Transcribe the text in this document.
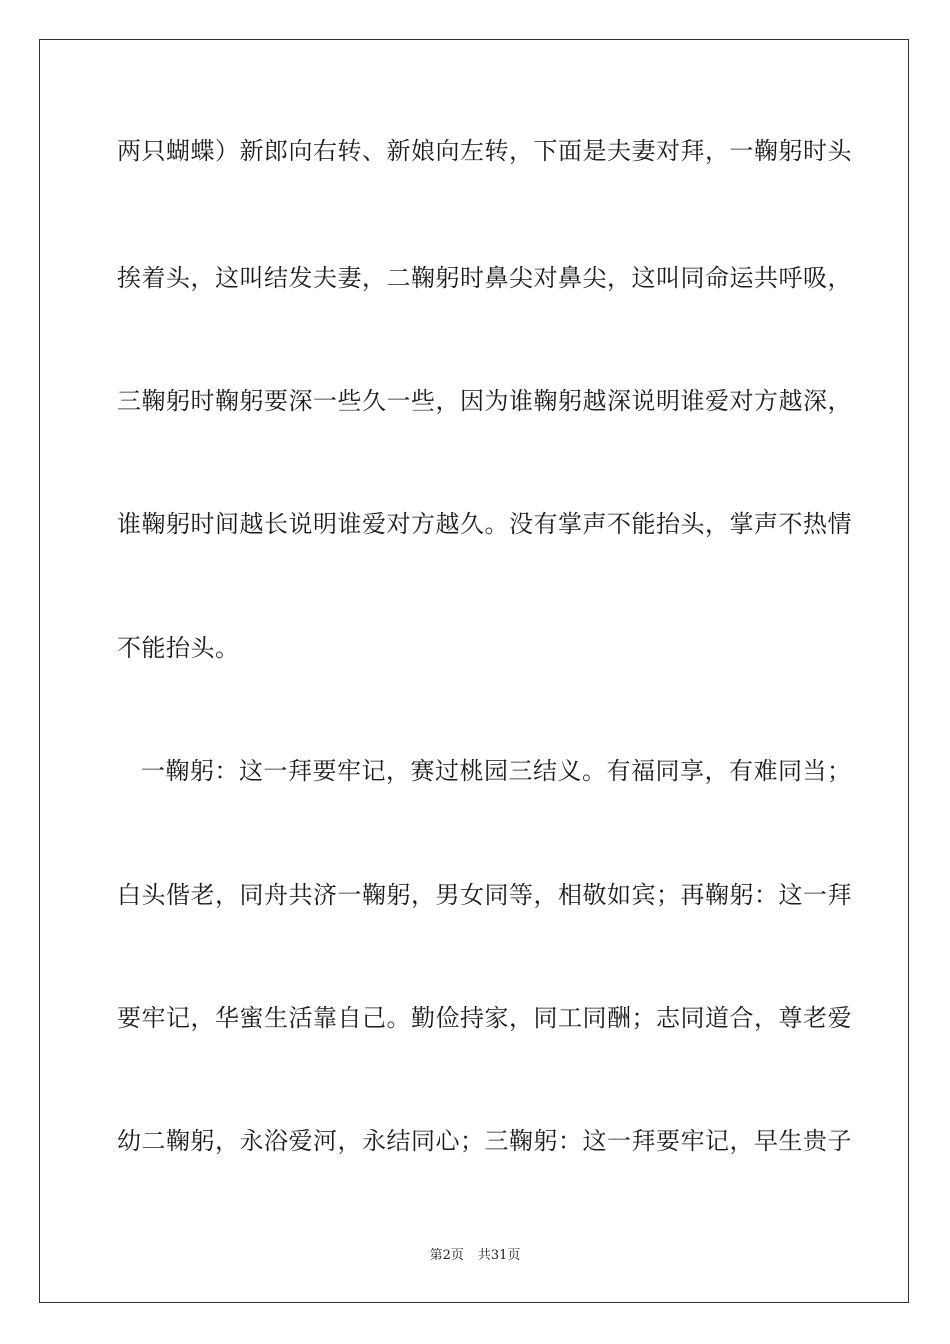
两只蝴蝶）新郎向右转、新娘向左转，下面是夫妻对拜，一鞠躬时头
挨着头，这叫结发夫妻，二鞠躬时鼻尖对鼻尖，这叫同命运共呼吸，
三鞠躬时鞠躬要深一些久一些，因为谁鞠躬越深说明谁爱对方越深，
谁鞠躬时间越长说明谁爱对方越久。没有掌声不能抬头，掌声不热情
不能抬头。
一鞠躬：这一拜要牢记，赛过桃园三结义。有福同享，有难同当；
白头偕老，同舟共济一鞠躬，男女同等，相敬如宾；再鞠躬：这一拜
要牢记，华蜜生活靠自己。勤俭持家，同工同酬；志同道合，尊老爱
幼二鞠躬，永浴爱河，永结同心；三鞠躬：这一拜要牢记，早生贵子
第2页 共31页
